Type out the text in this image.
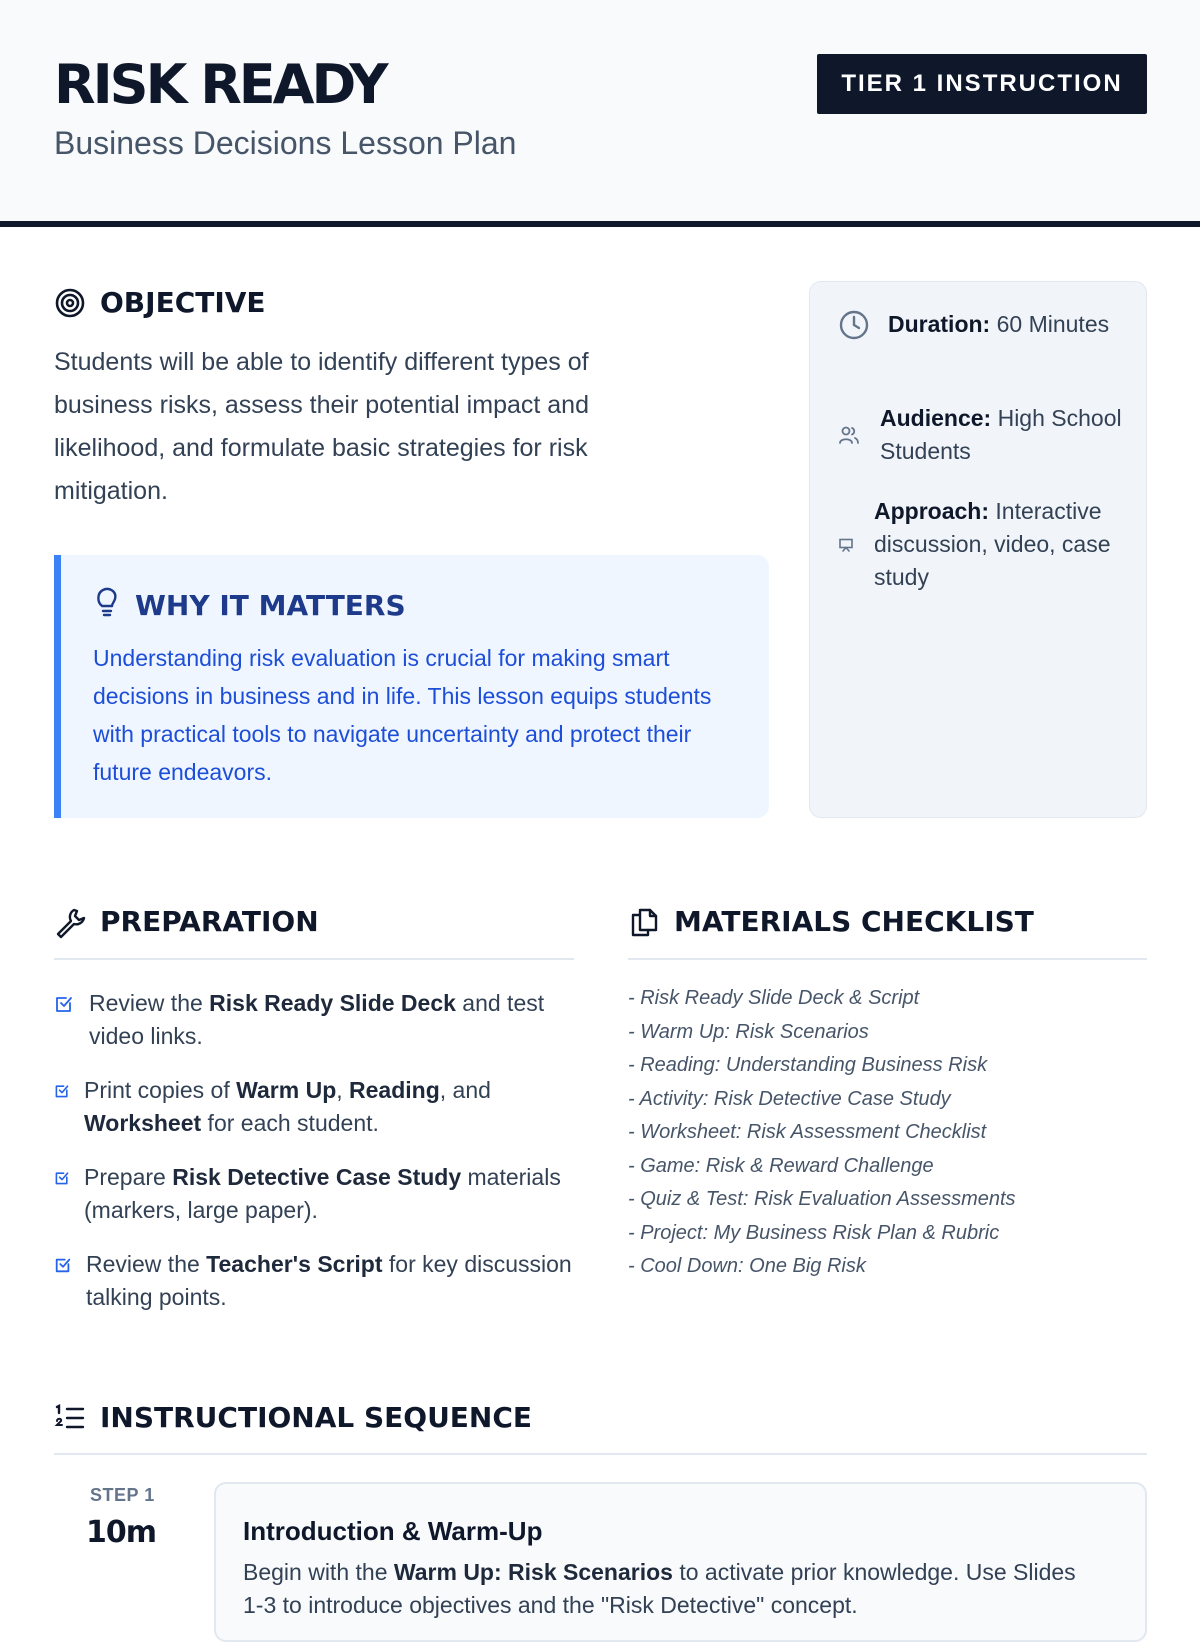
RISK READY
Business Decisions Lesson Plan
TIER 1 INSTRUCTION
OBJECTIVE
Students will be able to identify different types of business risks, assess their potential impact and likelihood, and formulate basic strategies for risk mitigation.
WHY IT MATTERS
Understanding risk evaluation is crucial for making smart decisions in business and in life. This lesson equips students with practical tools to navigate uncertainty and protect their future endeavors.
Duration: 60 Minutes
Audience: High School Students
Approach: Interactive discussion, video, case study
PREPARATION
Review the Risk Ready Slide Deck and test video links.
Print copies of Warm Up, Reading, and Worksheet for each student.
Prepare Risk Detective Case Study materials (markers, large paper).
Review the Teacher's Script for key discussion talking points.
MATERIALS CHECKLIST
- Risk Ready Slide Deck & Script
- Warm Up: Risk Scenarios
- Reading: Understanding Business Risk
- Activity: Risk Detective Case Study
- Worksheet: Risk Assessment Checklist
- Game: Risk & Reward Challenge
- Quiz & Test: Risk Evaluation Assessments
- Project: My Business Risk Plan & Rubric
- Cool Down: One Big Risk
INSTRUCTIONAL SEQUENCE
STEP 1
10m	Introduction & Warm-Up
Begin with the Warm Up: Risk Scenarios to activate prior knowledge. Use Slides 1-3 to introduce objectives and the "Risk Detective" concept.
